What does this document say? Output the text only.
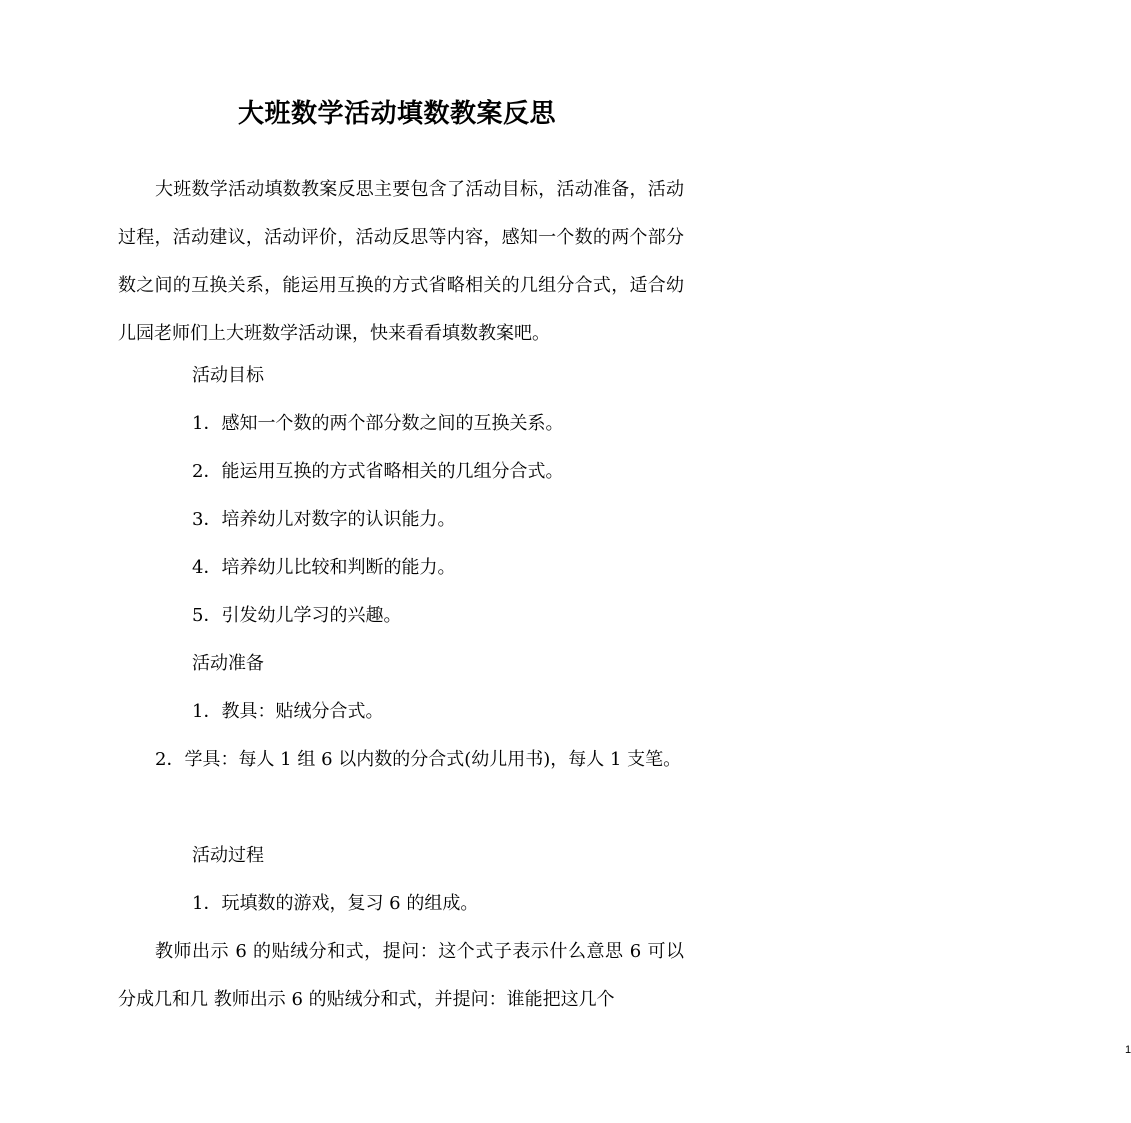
大班数学活动填数教案反思
大班数学活动填数教案反思主要包含了活动目标，活动准备，活动过程，活动建议，活动评价，活动反思等内容，感知一个数的两个部分数之间的互换关系，能运用互换的方式省略相关的几组分合式，适合幼儿园老师们上大班数学活动课，快来看看填数教案吧。
活动目标
1．感知一个数的两个部分数之间的互换关系。
2．能运用互换的方式省略相关的几组分合式。
3．培养幼儿对数字的认识能力。
4．培养幼儿比较和判断的能力。
5．引发幼儿学习的兴趣。
活动准备
1．教具：贴绒分合式。
2．学具：每人 1 组 6 以内数的分合式(幼儿用书)，每人 1 支笔。
活动过程
1．玩填数的游戏，复习 6 的组成。
教师出示 6 的贴绒分和式，提问：这个式子表示什么意思 6 可以分成几和几 教师出示 6 的贴绒分和式，并提问：谁能把这几个
1
